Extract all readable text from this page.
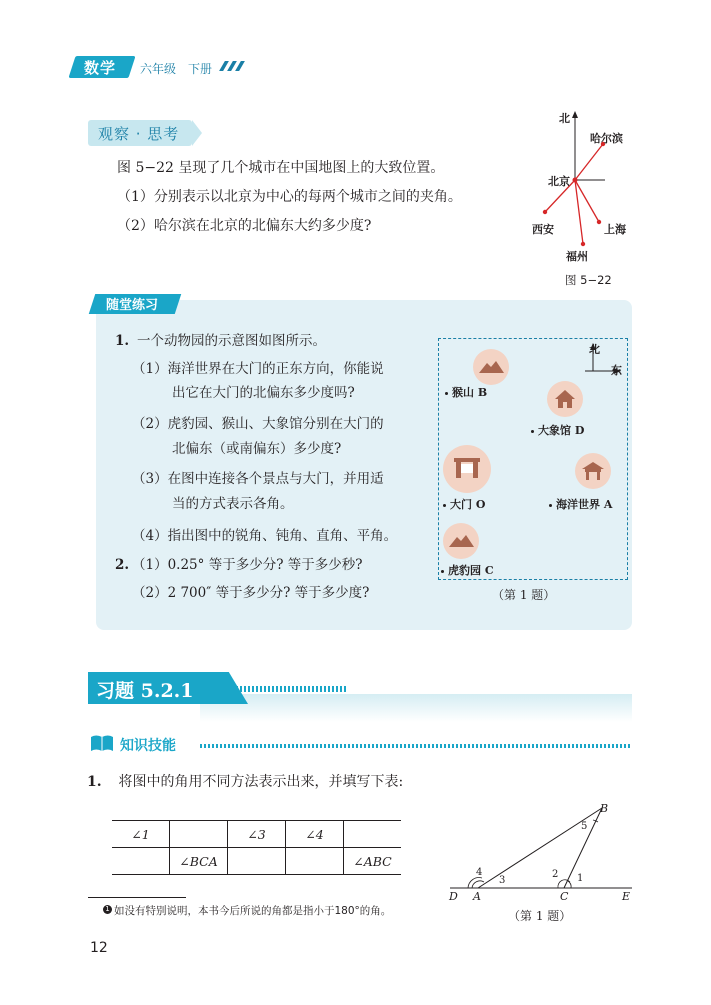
数学 六年级 下册
观察 · 思考
图 5−22 呈现了几个城市在中国地图上的大致位置。
（1）分别表示以北京为中心的每两个城市之间的夹角。
（2）哈尔滨在北京的北偏东大约多少度?
北
哈尔滨
北京
西安	上海
福州
图 5−22
随堂练习
1. 一个动物园的示意图如图所示。
（1）海洋世界在大门的正东方向，你能说
出它在大门的北偏东多少度吗?
（2）虎豹园、猴山、大象馆分别在大门的
北偏东（或南偏东）多少度?
（3）在图中连接各个景点与大门，并用适
当的方式表示各角。
（4）指出图中的锐角、钝角、直角、平角。
2. （1）0.25° 等于多少分? 等于多少秒?
（2）2 700″ 等于多少分? 等于多少度?
北
东
猴山 B
大象馆 D
大门 O	海洋世界 A
虎豹园 C
（第 1 题）
习题 5.2.1
知识技能
1. 将图中的角用不同方法表示出来，并填写下表:
∠1		∠3	∠4	
	∠BCA			∠ABC
1 如没有特别说明，本书今后所说的角都是指小于180°的角。
D A	C	E
B
1
2
3
4
5
（第 1 题）
12
